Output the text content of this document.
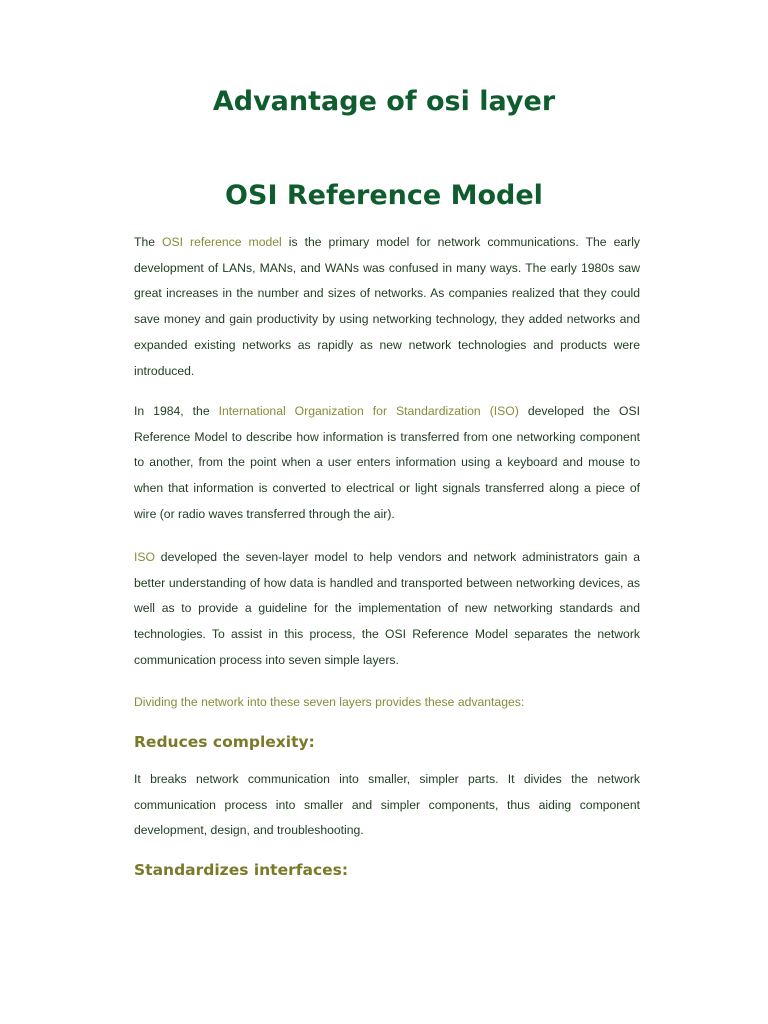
Advantage of osi layer
OSI Reference Model

The OSI reference model is the primary model for network communications. The early development of LANs, MANs, and WANs was confused in many ways. The early 1980s saw great increases in the number and sizes of networks. As companies realized that they could save money and gain productivity by using networking technology, they added networks and expanded existing networks as rapidly as new network technologies and products were introduced.

In 1984, the International Organization for Standardization (ISO) developed the OSI Reference Model to describe how information is transferred from one networking component to another, from the point when a user enters information using a keyboard and mouse to when that information is converted to electrical or light signals transferred along a piece of wire (or radio waves transferred through the air).

ISO developed the seven-layer model to help vendors and network administrators gain a better understanding of how data is handled and transported between networking devices, as well as to provide a guideline for the implementation of new networking standards and technologies. To assist in this process, the OSI Reference Model separates the network communication process into seven simple layers.

Dividing the network into these seven layers provides these advantages:

Reduces complexity:

It breaks network communication into smaller, simpler parts. It divides the network communication process into smaller and simpler components, thus aiding component development, design, and troubleshooting.

Standardizes interfaces:
